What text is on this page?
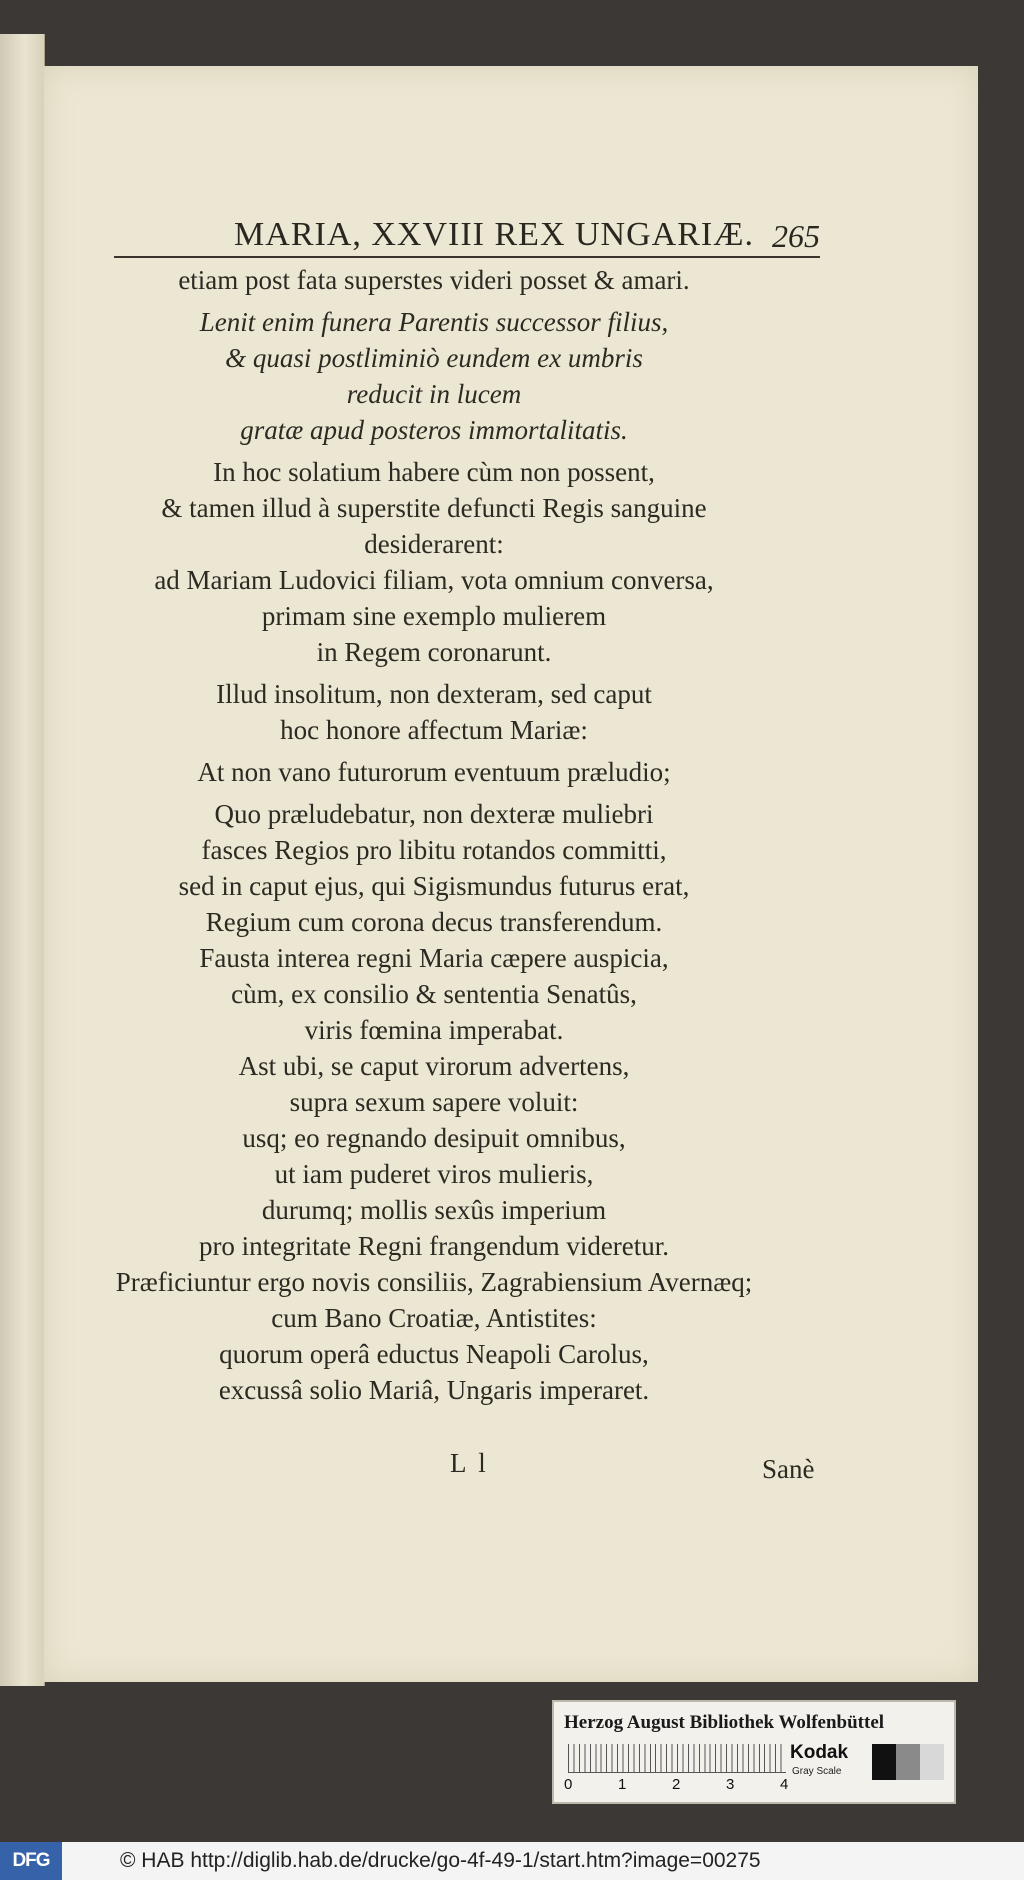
MARIA, XXVIII REX UNGARIÆ. 265
etiam post fata superstes videri posset & amari.
Lenit enim funera Parentis successor filius,
& quasi postliminiò eundem ex umbris
reducit in lucem
gratæ apud posteros immortalitatis.
In hoc solatium habere cùm non possent,
& tamen illud à superstite defuncti Regis sanguine
desiderarent:
ad Mariam Ludovici filiam, vota omnium conversa,
primam sine exemplo mulierem
in Regem coronarunt.
Illud insolitum, non dexteram, sed caput
hoc honore affectum Mariæ:
At non vano futurorum eventuum præludio;
Quo præludebatur, non dexteræ muliebri
fasces Regios pro libitu rotandos committi,
sed in caput ejus, qui Sigismundus futurus erat,
Regium cum corona decus transferendum.
Fausta interea regni Maria cæpere auspicia,
cùm, ex consilio & sententia Senatûs,
viris fœmina imperabat.
Ast ubi, se caput virorum advertens,
supra sexum sapere voluit:
usq; eo regnando desipuit omnibus,
ut iam puderet viros mulieris,
durumq; mollis sexûs imperium
pro integritate Regni frangendum videretur.
Præficiuntur ergo novis consiliis, Zagrabiensium Avernæq;
cum Bano Croatiæ, Antistites:
quorum operâ eductus Neapoli Carolus,
excussâ solio Mariâ, Ungaris imperaret.
L l	Sanè
Herzog August Bibliothek Wolfenbüttel
0	1	2	3	4
Kodak
Gray Scale
DFG	© HAB http://diglib.hab.de/drucke/go-4f-49-1/start.htm?image=00275
